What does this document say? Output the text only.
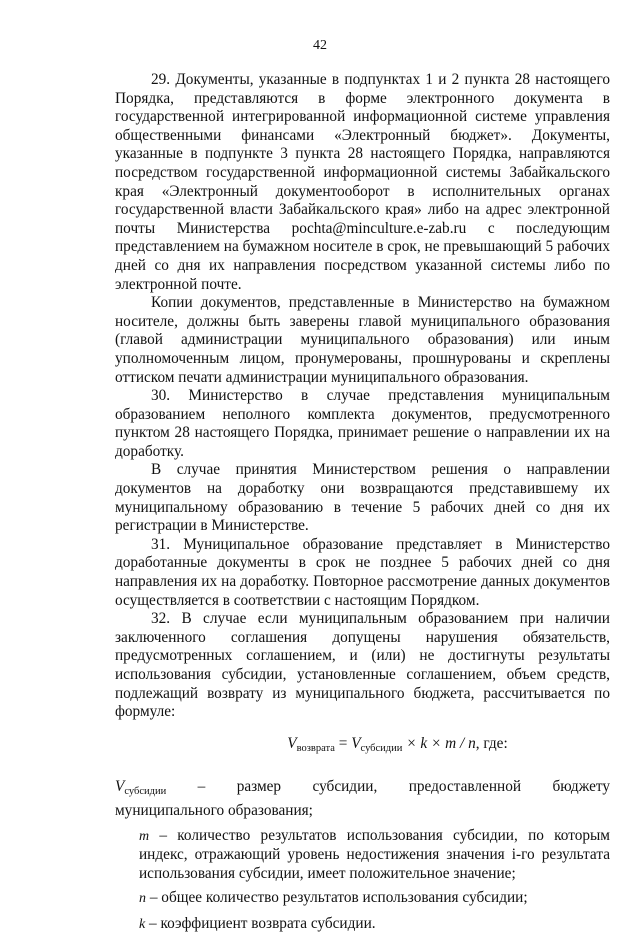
42

29. Документы, указанные в подпунктах 1 и 2 пункта 28 настоящего Порядка, представляются в форме электронного документа в государственной интегрированной информационной системе управления общественными финансами «Электронный бюджет». Документы, указанные в подпункте 3 пункта 28 настоящего Порядка, направляются посредством государственной информационной системы Забайкальского края «Электронный документооборот в исполнительных органах государственной власти Забайкальского края» либо на адрес электронной почты Министерства pochta@minculture.e-zab.ru с последующим представлением на бумажном носителе в срок, не превышающий 5 рабочих дней со дня их направления посредством указанной системы либо по электронной почте.

Копии документов, представленные в Министерство на бумажном носителе, должны быть заверены главой муниципального образования (главой администрации муниципального образования) или иным уполномоченным лицом, пронумерованы, прошнурованы и скреплены оттиском печати администрации муниципального образования.

30. Министерство в случае представления муниципальным образованием неполного комплекта документов, предусмотренного пунктом 28 настоящего Порядка, принимает решение о направлении их на доработку.

В случае принятия Министерством решения о направлении документов на доработку они возвращаются представившему их муниципальному образованию в течение 5 рабочих дней со дня их регистрации в Министерстве.

31. Муниципальное образование представляет в Министерство доработанные документы в срок не позднее 5 рабочих дней со дня направления их на доработку. Повторное рассмотрение данных документов осуществляется в соответствии с настоящим Порядком.

32. В случае если муниципальным образованием при наличии заключенного соглашения допущены нарушения обязательств, предусмотренных соглашением, и (или) не достигнуты результаты использования субсидии, установленные соглашением, объем средств, подлежащий возврату из муниципального бюджета, рассчитывается по формуле:

$V_{возврата} = V_{субсидии} \times k \times m / n$, где:
$V_{субсидии}$ – размер субсидии, предоставленной бюджету

муниципального образования;

m – количество результатов использования субсидии, по которым индекс, отражающий уровень недостижения значения i-го результата использования субсидии, имеет положительное значение;

n – общее количество результатов использования субсидии;

k – коэффициент возврата субсидии.
